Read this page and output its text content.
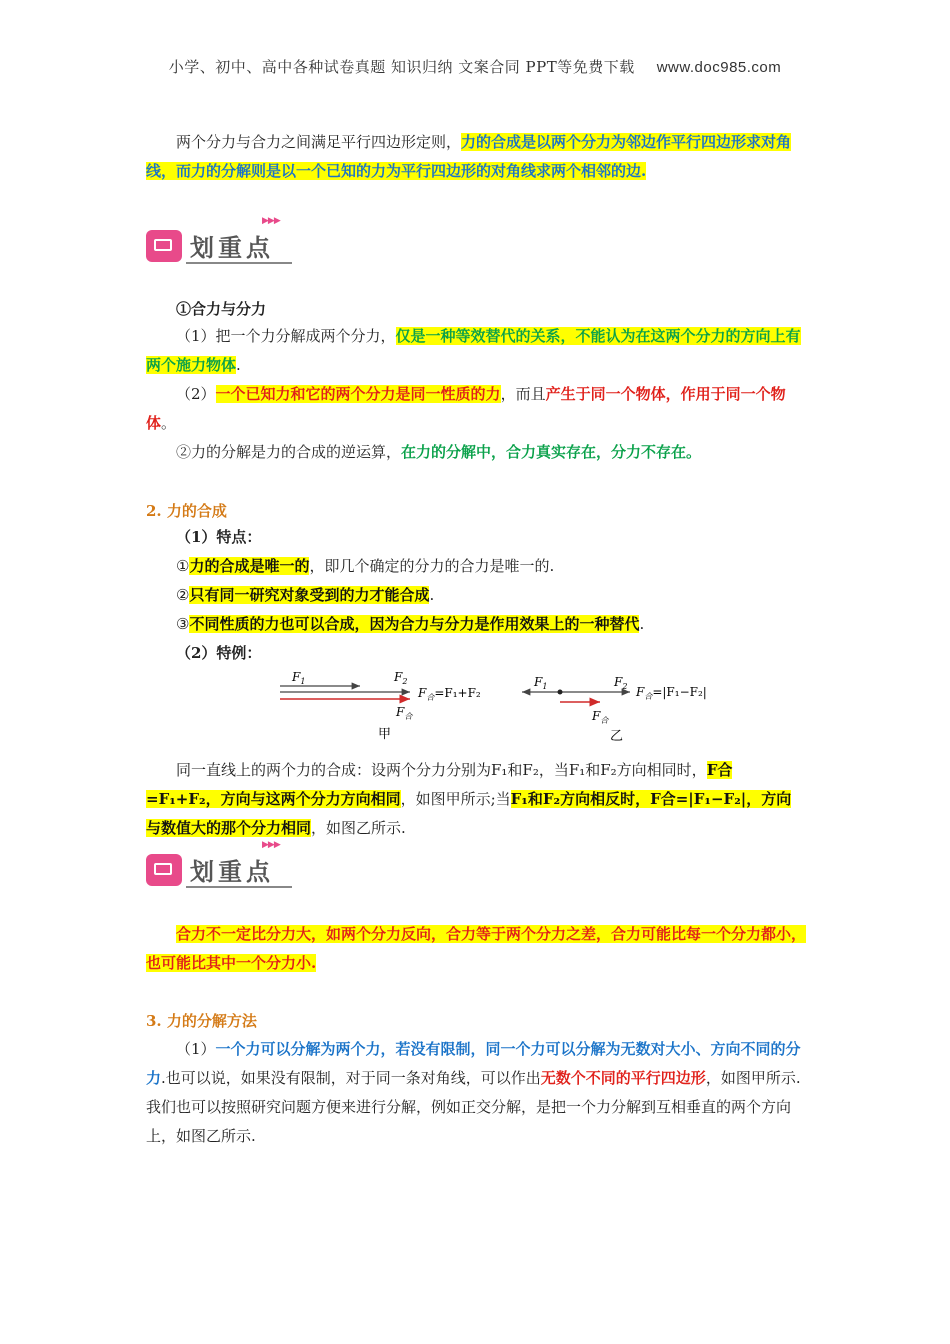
小学、初中、高中各种试卷真题 知识归纳 文案合同 PPT等免费下载 www.doc985.com
两个分力与合力之间满足平行四边形定则，力的合成是以两个分力为邻边作平行四边形求对角线，而力的分解则是以一个已知的力为平行四边形的对角线求两个相邻的边.
划重点
▶▶▶
①合力与分力
（1）把一个力分解成两个分力，仅是一种等效替代的关系，不能认为在这两个分力的方向上有两个施力物体.
（2）一个已知力和它的两个分力是同一性质的力，而且产生于同一个物体，作用于同一个物体。
②力的分解是力的合成的逆运算，在力的分解中，合力真实存在，分力不存在。
2. 力的合成
（1）特点：
①力的合成是唯一的，即几个确定的分力的合力是唯一的.
②只有同一研究对象受到的力才能合成.
③不同性质的力也可以合成，因为合力与分力是作用效果上的一种替代.
（2）特例：
$F_1$	$F_2$
$F_合=F_1+F_2$
$F_合$
甲
$F_1$	$F_2$ $F_合=|F_1-F_2|$
$F_合$
乙
同一直线上的两个力的合成：设两个分力分别为F₁和F₂，当F₁和F₂方向相同时，F合=F₁+F₂，方向与这两个分力方向相同，如图甲所示;当F₁和F₂方向相反时，F合=|F₁−F₂|，方向与数值大的那个分力相同，如图乙所示.
划重点
▶▶▶
合力不一定比分力大，如两个分力反向，合力等于两个分力之差，合力可能比每一个分力都小，也可能比其中一个分力小.
3. 力的分解方法
（1）一个力可以分解为两个力，若没有限制，同一个力可以分解为无数对大小、方向不同的分力.也可以说，如果没有限制，对于同一条对角线，可以作出无数个不同的平行四边形，如图甲所示.我们也可以按照研究问题方便来进行分解，例如正交分解，是把一个力分解到互相垂直的两个方向上，如图乙所示.
